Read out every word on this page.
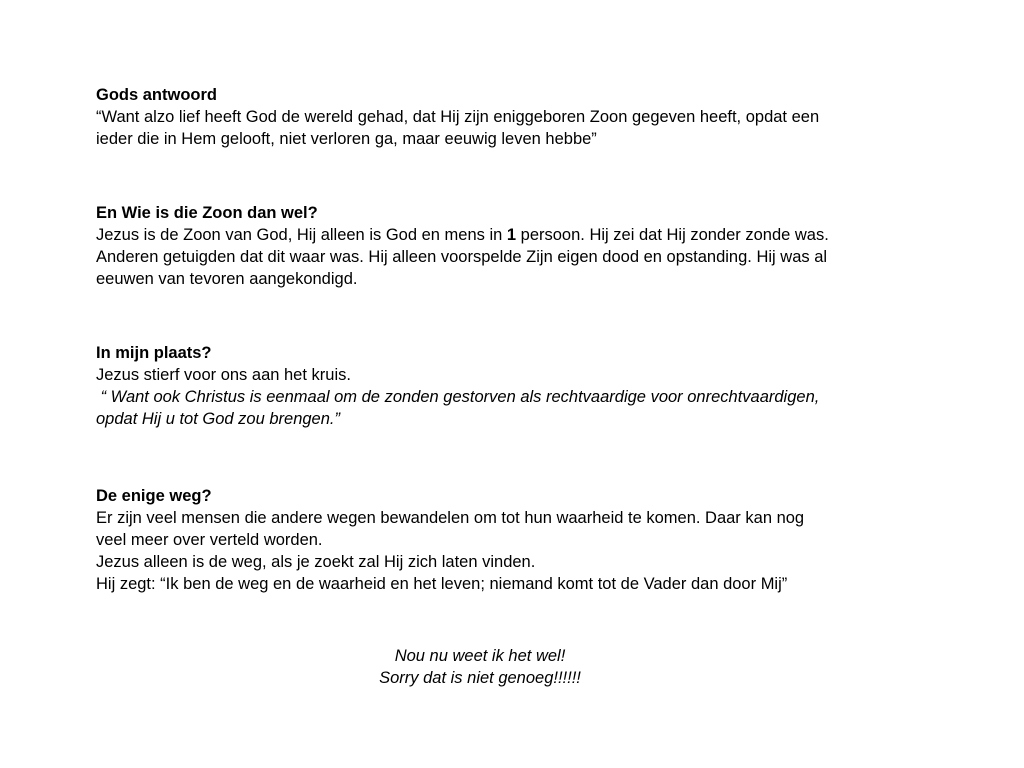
Gods antwoord
“Want alzo lief heeft God de wereld gehad, dat Hij zijn eniggeboren Zoon gegeven heeft, opdat een
ieder die in Hem gelooft, niet verloren ga, maar eeuwig leven hebbe”
En Wie is die Zoon dan wel?
Jezus is de Zoon van God, Hij alleen is God en mens in 1 persoon. Hij zei dat Hij zonder zonde was.
Anderen getuigden dat dit waar was. Hij alleen voorspelde Zijn eigen dood en opstanding. Hij was al
eeuwen van tevoren aangekondigd.
In mijn plaats?
Jezus stierf voor ons aan het kruis.
“ Want ook Christus is eenmaal om de zonden gestorven als rechtvaardige voor onrechtvaardigen,
opdat Hij u tot God zou brengen.”
De enige weg?
Er zijn veel mensen die andere wegen bewandelen om tot hun waarheid te komen. Daar kan nog
veel meer over verteld worden.
Jezus alleen is de weg, als je zoekt zal Hij zich laten vinden.
Hij zegt: “Ik ben de weg en de waarheid en het leven; niemand komt tot de Vader dan door Mij”
Nou nu weet ik het wel!
Sorry dat is niet genoeg!!!!!!
